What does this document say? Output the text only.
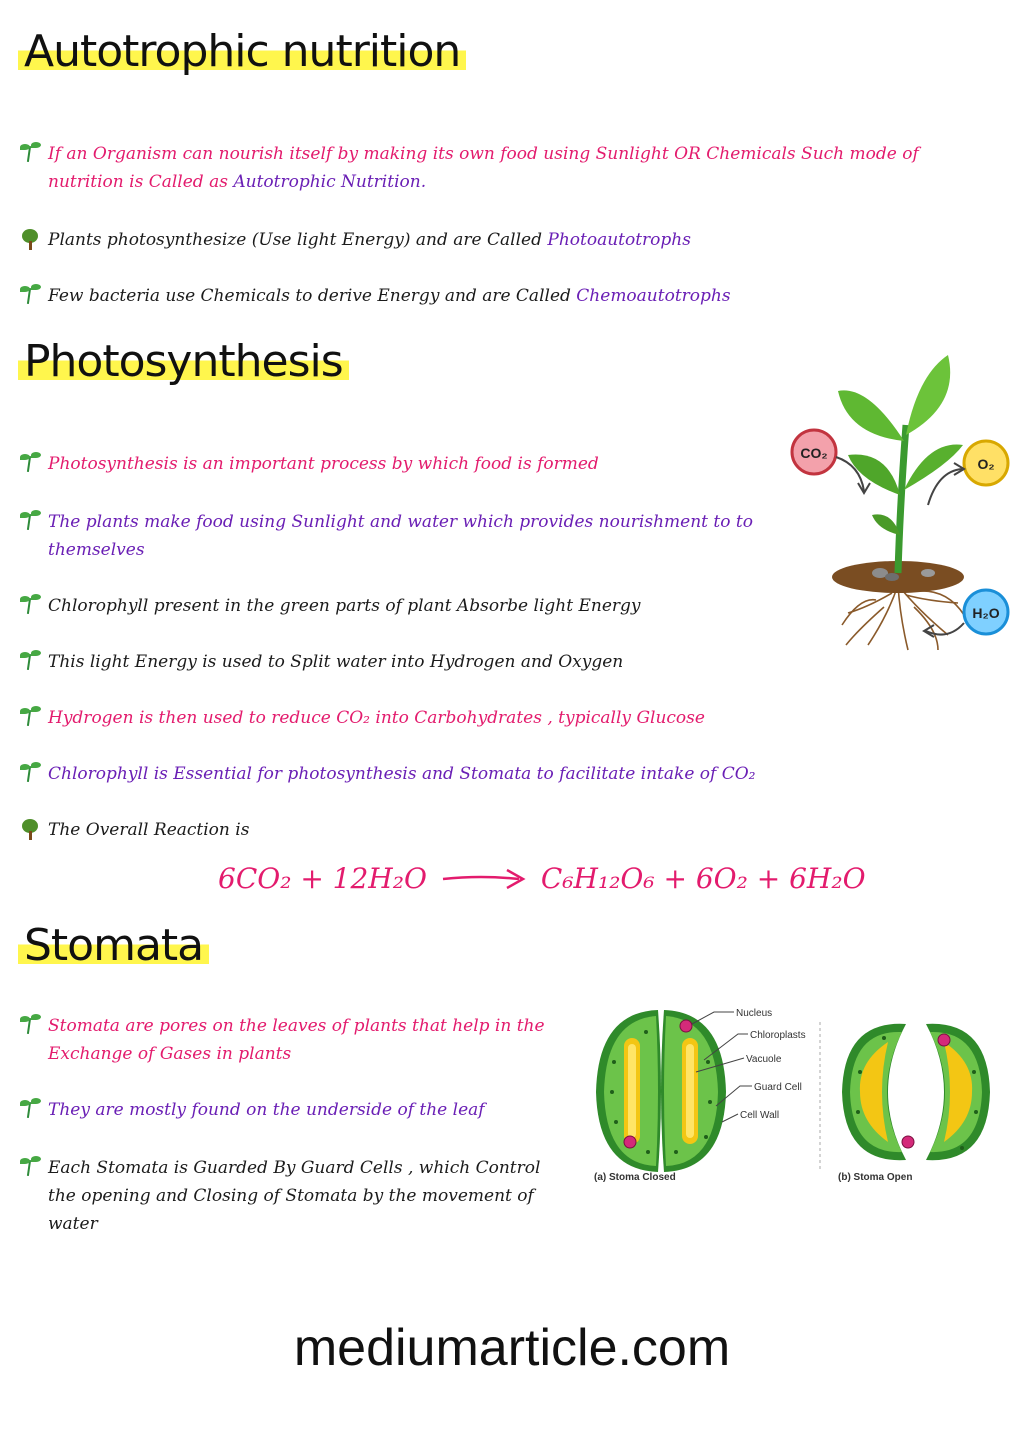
Autotrophic nutrition
If an Organism can nourish itself by making its own food using Sunlight OR Chemicals Such mode of nutrition is Called as Autotrophic Nutrition.
Plants photosynthesize (Use light Energy) and are Called Photoautotrophs
Few bacteria use Chemicals to derive Energy and are Called Chemoautotrophs
Photosynthesis
Photosynthesis is an important process by which food is formed
The plants make food using Sunlight and water which provides nourishment to to themselves
Chlorophyll present in the green parts of plant Absorbe light Energy
This light Energy is used to Split water into Hydrogen and Oxygen
Hydrogen is then used to reduce CO₂ into Carbohydrates , typically Glucose
Chlorophyll is Essential for photosynthesis and Stomata to facilitate intake of CO₂
The Overall Reaction is
6CO₂ + 12H₂O	C₆H₁₂O₆ + 6O₂ + 6H₂O
CO₂
O₂
H₂O
Stomata
Stomata are pores on the leaves of plants that help in the Exchange of Gases in plants
They are mostly found on the underside of the leaf
Each Stomata is Guarded By Guard Cells , which Control the opening and Closing of Stomata by the movement of water
Nucleus
Chloroplasts
Vacuole
Guard Cell
Cell Wall
(a) Stoma Closed	(b) Stoma Open
mediumarticle.com
